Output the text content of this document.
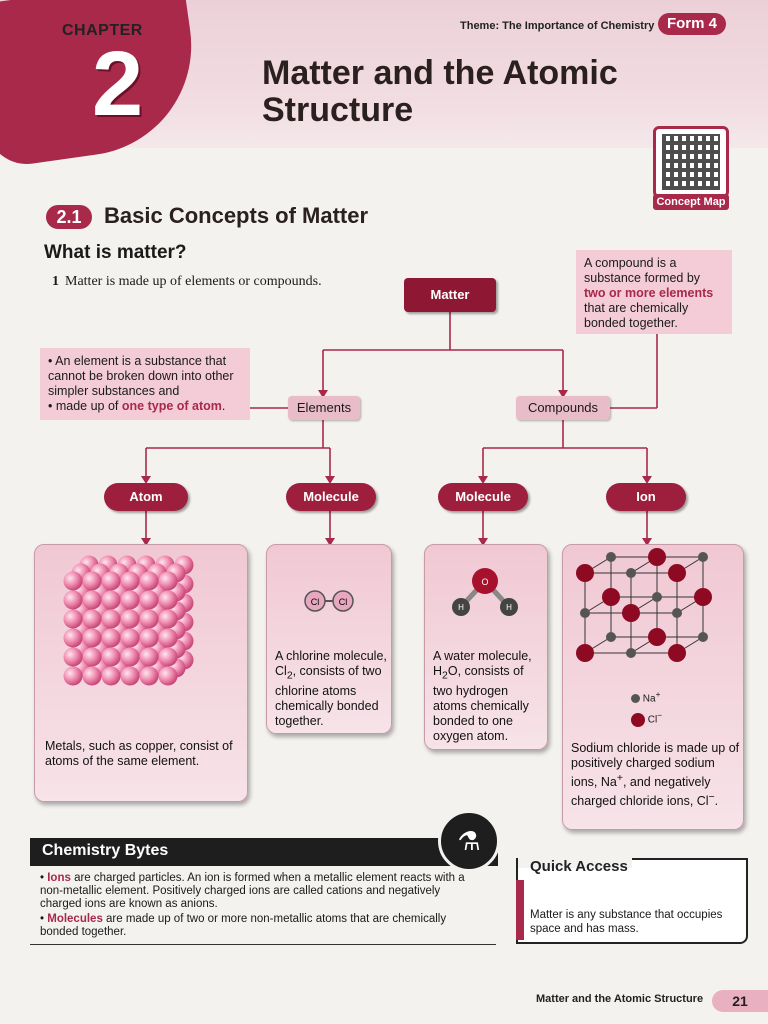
CHAPTER
2
Theme: The Importance of Chemistry Form 4
Matter and the Atomic Structure
Concept Map
2.1	Basic Concepts of Matter
What is matter?
1 Matter is made up of elements or compounds.
Matter
A compound is a substance formed by two or more elements that are chemically bonded together.
• An element is a substance that cannot be broken down into other simpler substances and
• made up of one type of atom.	Elements	Compounds
Atom	Molecule	Molecule	Ion
Metals, such as copper, consist of atoms of the same element.
Cl Cl
A chlorine molecule, $Cl_2$, consists of two chlorine atoms chemically bonded together.
O
H	H
A water molecule, $H_2O$, consists of two hydrogen atoms chemically bonded to one oxygen atom.
Na+
Cl−
Sodium chloride is made up of positively charged sodium ions, Na+, and negatively charged chloride ions, Cl−.
Chemistry Bytes	⚗
• Ions are charged particles. An ion is formed when a metallic element reacts with a non-metallic element. Positively charged ions are called cations and negatively charged ions are known as anions.
• Molecules are made up of two or more non-metallic atoms that are chemically bonded together.
Quick Access
Matter is any substance that occupies space and has mass.
Matter and the Atomic Structure	21
